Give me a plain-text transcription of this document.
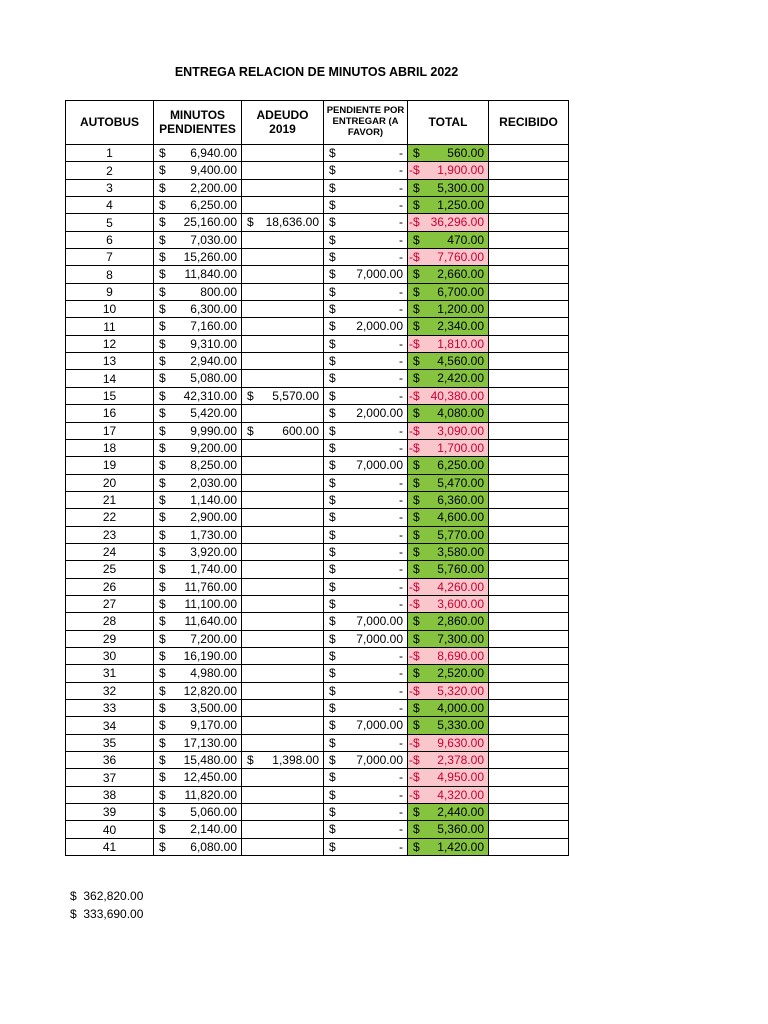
ENTREGA RELACION DE MINUTOS ABRIL 2022
AUTOBUS	MINUTOS PENDIENTES	ADEUDO 2019	PENDIENTE POR ENTREGAR (A FAVOR)	TOTAL	RECIBIDO
1	$ 6,940.00		$ -	$ 560.00	

2	$ 9,400.00		$ -	-$ 1,900.00	

3	$ 2,200.00		$ -	$ 5,300.00	

4	$ 6,250.00		$ -	$ 1,250.00	

5	$ 25,160.00	$ 18,636.00	$ -	-$ 36,296.00	

6	$ 7,030.00		$ -	$ 470.00	

7	$ 15,260.00		$ -	-$ 7,760.00	

8	$ 11,840.00		$ 7,000.00	$ 2,660.00	

9	$ 800.00		$ -	$ 6,700.00	

10	$ 6,300.00		$ -	$ 1,200.00	

11	$ 7,160.00		$ 2,000.00	$ 2,340.00	

12	$ 9,310.00		$ -	-$ 1,810.00	

13	$ 2,940.00		$ -	$ 4,560.00	

14	$ 5,080.00		$ -	$ 2,420.00	

15	$ 42,310.00	$ 5,570.00	$ -	-$ 40,380.00	

16	$ 5,420.00		$ 2,000.00	$ 4,080.00	

17	$ 9,990.00	$ 600.00	$ -	-$ 3,090.00	

18	$ 9,200.00		$ -	-$ 1,700.00	

19	$ 8,250.00		$ 7,000.00	$ 6,250.00	

20	$ 2,030.00		$ -	$ 5,470.00	

21	$ 1,140.00		$ -	$ 6,360.00	

22	$ 2,900.00		$ -	$ 4,600.00	

23	$ 1,730.00		$ -	$ 5,770.00	

24	$ 3,920.00		$ -	$ 3,580.00	

25	$ 1,740.00		$ -	$ 5,760.00	

26	$ 11,760.00		$ -	-$ 4,260.00	

27	$ 11,100.00		$ -	-$ 3,600.00	

28	$ 11,640.00		$ 7,000.00	$ 2,860.00	

29	$ 7,200.00		$ 7,000.00	$ 7,300.00	

30	$ 16,190.00		$ -	-$ 8,690.00	

31	$ 4,980.00		$ -	$ 2,520.00	

32	$ 12,820.00		$ -	-$ 5,320.00	

33	$ 3,500.00		$ -	$ 4,000.00	

34	$ 9,170.00		$ 7,000.00	$ 5,330.00	

35	$ 17,130.00		$ -	-$ 9,630.00	

36	$ 15,480.00	$ 1,398.00	$ 7,000.00	-$ 2,378.00	

37	$ 12,450.00		$ -	-$ 4,950.00	

38	$ 11,820.00		$ -	-$ 4,320.00	

39	$ 5,060.00		$ -	$ 2,440.00	

40	$ 2,140.00		$ -	$ 5,360.00	

41	$ 6,080.00		$ -	$ 1,420.00	

$  362,820.00
$  333,690.00
